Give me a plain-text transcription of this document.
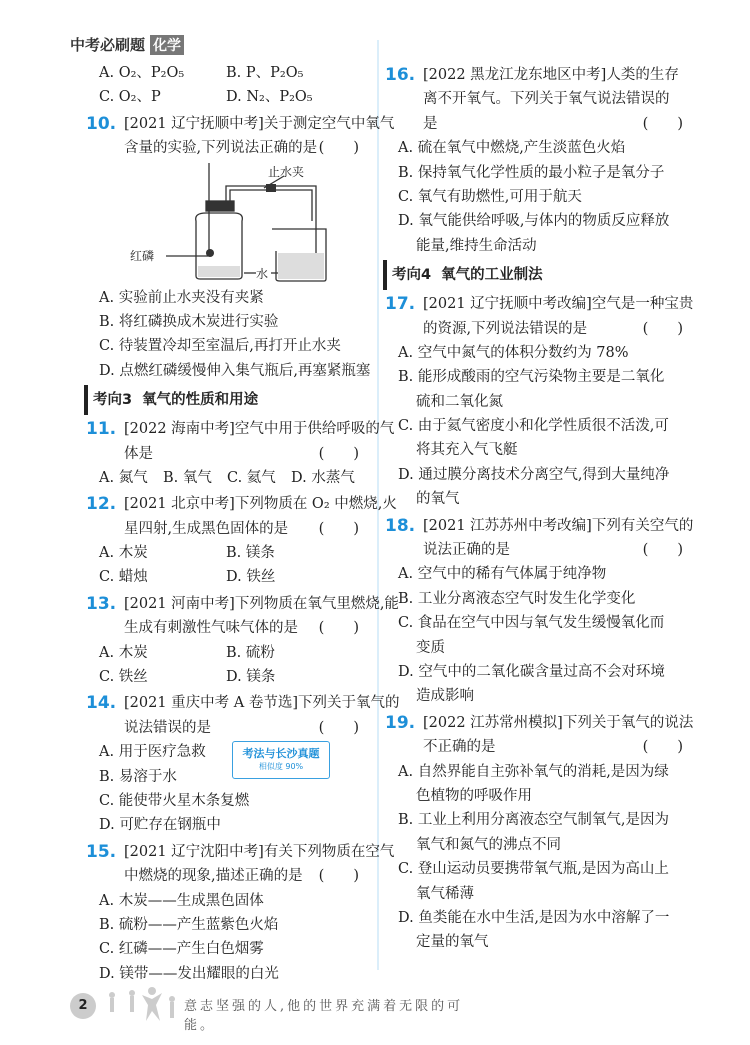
中考必刷题 化学
A. O₂、P₂O₅	B. P、P₂O₅
C. O₂、P	D. N₂、P₂O₅
10. [2021 辽宁抚顺中考]关于测定空气中氧气
含量的实验,下列说法正确的是 (　　)
止水夹
红磷
水
A. 实验前止水夹没有夹紧
B. 将红磷换成木炭进行实验
C. 待装置冷却至室温后,再打开止水夹
D. 点燃红磷缓慢伸入集气瓶后,再塞紧瓶塞
考向3 氧气的性质和用途
11. [2022 海南中考]空气中用于供给呼吸的气
体是	(　　)
A. 氮气 B. 氧气 C. 氦气 D. 水蒸气
12. [2021 北京中考]下列物质在 O₂ 中燃烧,火
星四射,生成黑色固体的是 (　　)
A. 木炭	B. 镁条
C. 蜡烛	D. 铁丝
13. [2021 河南中考]下列物质在氧气里燃烧,能
生成有刺激性气味气体的是 (　　)
A. 木炭	B. 硫粉
C. 铁丝	D. 镁条
14. [2021 重庆中考 A 卷节选]下列关于氧气的
说法错误的是	(　　)
A. 用于医疗急救	考法与长沙真题
相似度 90%
B. 易溶于水
C. 能使带火星木条复燃
D. 可贮存在钢瓶中
15. [2021 辽宁沈阳中考]有关下列物质在空气
中燃烧的现象,描述正确的是 (　　)
A. 木炭——生成黑色固体
B. 硫粉——产生蓝紫色火焰
C. 红磷——产生白色烟雾
D. 镁带——发出耀眼的白光
16. [2022 黑龙江龙东地区中考]人类的生存
离不开氧气。下列关于氧气说法错误的
是	(　　)
A. 硫在氧气中燃烧,产生淡蓝色火焰
B. 保持氧气化学性质的最小粒子是氧分子
C. 氧气有助燃性,可用于航天
D. 氧气能供给呼吸,与体内的物质反应释放
能量,维持生命活动
考向4 氧气的工业制法
17. [2021 辽宁抚顺中考改编]空气是一种宝贵
的资源,下列说法错误的是	(　　)
A. 空气中氮气的体积分数约为 78%
B. 能形成酸雨的空气污染物主要是二氧化
硫和二氧化氮
C. 由于氦气密度小和化学性质很不活泼,可
将其充入气飞艇
D. 通过膜分离技术分离空气,得到大量纯净
的氧气
18. [2021 江苏苏州中考改编]下列有关空气的
说法正确的是	(　　)
A. 空气中的稀有气体属于纯净物
B. 工业分离液态空气时发生化学变化
C. 食品在空气中因与氧气发生缓慢氧化而
变质
D. 空气中的二氧化碳含量过高不会对环境
造成影响
19. [2022 江苏常州模拟]下列关于氧气的说法
不正确的是	(　　)
A. 自然界能自主弥补氧气的消耗,是因为绿
色植物的呼吸作用
B. 工业上利用分离液态空气制氧气,是因为
氧气和氮气的沸点不同
C. 登山运动员要携带氧气瓶,是因为高山上
氧气稀薄
D. 鱼类能在水中生活,是因为水中溶解了一
定量的氧气
2	意志坚强的人,他的世界充满着无限的可能。
